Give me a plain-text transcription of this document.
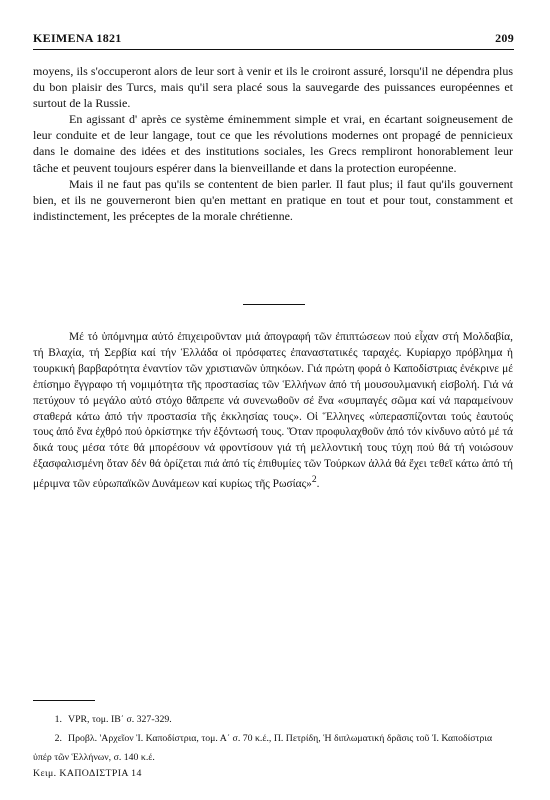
ΚΕΙΜΕΝΑ 1821	209

moyens, ils s'occuperont alors de leur sort à venir et ils le croiront assuré, lorsqu'il ne dépendra plus du bon plaisir des Turcs, mais qu'il sera placé sous la sauvegarde des puissances européennes et surtout de la Russie.

En agissant d' après ce système éminemment simple et vrai, en écartant soigneusement de leur conduite et de leur langage, tout ce que les révolutions modernes ont propagé de pennicieux dans le domaine des idées et des institutions sociales, les Grecs rempliront honorablement leur tâche et peuvent toujours espérer dans la bienveillande et dans la protection européenne.

Mais il ne faut pas qu'ils se contentent de bien parler. Il faut plus; il faut qu'ils gouvernent bien, et ils ne gouverneront bien qu'en mettant en pratique en tout et pour tout, constamment et indistinctement, les préceptes de la morale chrétienne.

Μέ τό ὑπόμνημα αὐτό ἐπιχειροῦνταν μιά ἀπογραφή τῶν ἐπιπτώσεων πού εἶχαν στή Μολδαβία, τή Βλαχία, τή Σερβία καί τήν Ἑλλάδα οἱ πρόσφατες ἐπαναστατικές ταραχές. Κυρίαρχο πρόβλημα ἡ τουρκική βαρβαρότητα ἐναντίον τῶν χριστιανῶν ὑπηκόων. Γιά πρώτη φορά ὁ Καποδίστριας ἐνέκρινε μέ ἐπίσημο ἔγγραφο τή νομιμότητα τῆς προστασίας τῶν Ἑλλήνων ἀπό τή μουσουλμανική εἰσβολή. Γιά νά πετύχουν τό μεγάλο αὐτό στόχο θἄπρεπε νά συνενωθοῦν σέ ἕνα «συμπαγές σῶμα καί νά παραμείνουν σταθερά κάτω ἀπό τήν προστασία τῆς ἐκκλησίας τους». Οἱ Ἕλληνες «ὑπερασπίζονται τούς ἑαυτούς τους ἀπό ἕνα ἐχθρό πού ὁρκίστηκε τήν ἐξόντωσή τους. Ὅταν προφυλαχθοῦν ἀπό τόν κίνδυνο αὐτό μέ τά δικά τους μέσα τότε θά μπορέσουν νά φροντίσουν γιά τή μελλοντική τους τύχη πού θά τή νοιώσουν ἐξασφαλισμένη ὅταν δέν θά ὁρίζεται πιά ἀπό τίς ἐπιθυμίες τῶν Τούρκων ἀλλά θά ἔχει τεθεῖ κάτω ἀπό τή μέριμνα τῶν εὐρωπαϊκῶν Δυνάμεων καί κυρίως τῆς Ρωσίας»$^2$.

1. VPR, τομ. ΙΒ΄ σ. 327-329.

2. Προβλ. 'Αρχεῖον Ἰ. Καποδίστρια, τομ. Α΄ σ. 70 κ.έ., Π. Πετρίδη, Ἡ διπλωματική δρᾶσις τοῦ Ἰ. Καποδίστρια ὑπέρ τῶν Ἑλλήνων, σ. 140 κ.έ.

Κειμ. ΚΑΠΟΔΙΣΤΡΙΑ 14
